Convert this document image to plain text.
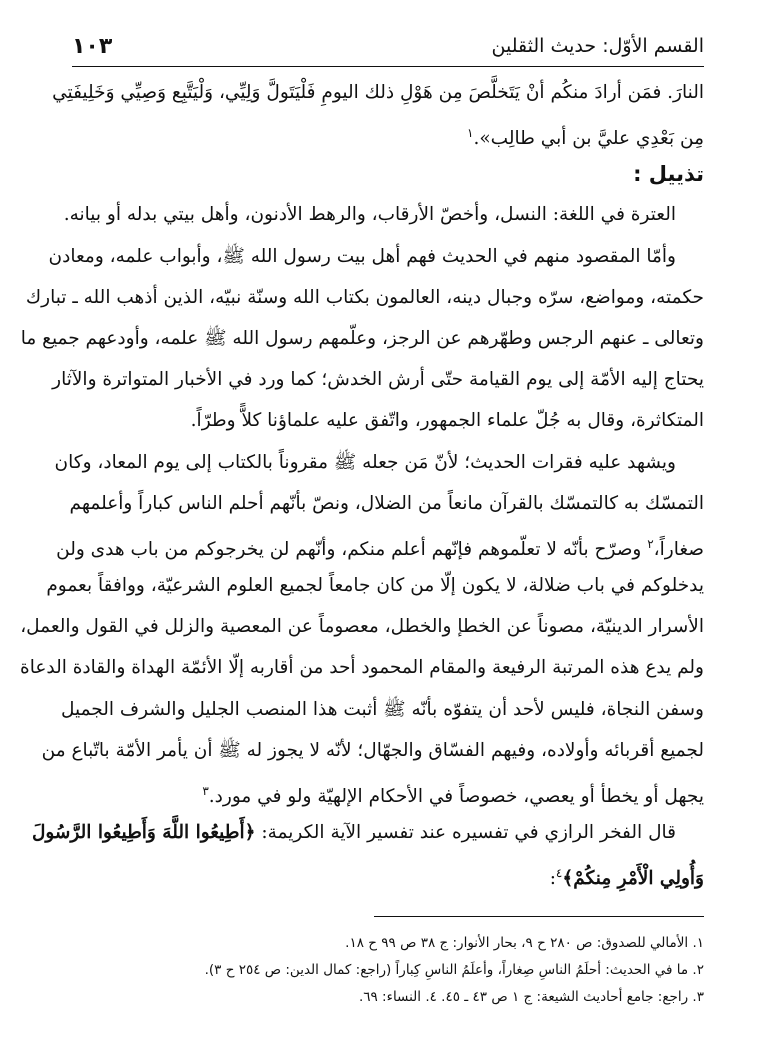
القسم الأوّل: حديث الثقلين
١٠٣
النارَ. فمَن أرادَ منكُم أنْ يَتَخلَّصَ مِن هَوْلِ ذلك اليومِ فَلْيَتَولَّ وَلِيِّي، وَلْيَتَّبِع وَصِيِّي وَخَلِيفَتِي
مِن بَعْدِي عليَّ بن أبي طالِب».$^١$
تذييل :
العترة في اللغة: النسل، وأخصّ الأرقاب، والرهط الأدنون، وأهل بيتي بدله أو بيانه.
وأمّا المقصود منهم في الحديث فهم أهل بيت رسول الله ﷺ، وأبواب علمه، ومعادن
حكمته، ومواضع، سرّه وجبال دينه، العالمون بكتاب الله وسنّة نبيّه، الذين أذهب الله ـ تبارك
وتعالى ـ عنهم الرجس وطهّرهم عن الرجز، وعلّمهم رسول الله ﷺ علمه، وأودعهم جميع ما
يحتاج إليه الأمّة إلى يوم القيامة حتّى أرش الخدش؛ كما ورد في الأخبار المتواترة والآثار
المتكاثرة، وقال به جُلّ علماء الجمهور، واتّفق عليه علماؤنا كلاًّ وطرّاً.
ويشهد عليه فقرات الحديث؛ لأنّ مَن جعله ﷺ مقروناً بالكتاب إلى يوم المعاد، وكان
التمسّك به كالتمسّك بالقرآن مانعاً من الضلال، ونصّ بأنّهم أحلم الناس كباراً وأعلمهم
صغاراً،$^٢$ وصرّح بأنّه لا تعلّموهم فإنّهم أعلم منكم، وأنّهم لن يخرجوكم من باب هدى ولن
يدخلوكم في باب ضلالة، لا يكون إلّا من كان جامعاً لجميع العلوم الشرعيّة، ووافقاً بعموم
الأسرار الدينيّة، مصوناً عن الخطإ والخطل، معصوماً عن المعصية والزلل في القول والعمل،
ولم يدع هذه المرتبة الرفيعة والمقام المحمود أحد من أقاربه إلّا الأئمّة الهداة والقادة الدعاة
وسفن النجاة، فليس لأحد أن يتفوّه بأنّه ﷺ أثبت هذا المنصب الجليل والشرف الجميل
لجميع أقربائه وأولاده، وفيهم الفسّاق والجهّال؛ لأنّه لا يجوز له ﷺ أن يأمر الأمّة باتّباع من
يجهل أو يخطأ أو يعصي، خصوصاً في الأحكام الإلهيّة ولو في مورد.$^٣$
قال الفخر الرازي في تفسيره عند تفسير الآية الكريمة: ﴿أَطِيعُوا اللَّهَ وَأَطِيعُوا الرَّسُولَ
وَأُولِي الْأَمْرِ مِنكُمْ﴾$^٤$:
١. الأمالي للصدوق: ص ٢٨٠ ح ٩، بحار الأنوار: ج ٣٨ ص ٩٩ ح ١٨.
٢. ما في الحديث: أحلَمُ الناسِ صِغاراً، وأعلَمُ الناسِ كِباراً (راجع: كمال الدين: ص ٢٥٤ ح ٣).
٣. راجع: جامع أحاديث الشيعة: ج ١ ص ٤٣ ـ ٤٥. ٤. النساء: ٦٩.
